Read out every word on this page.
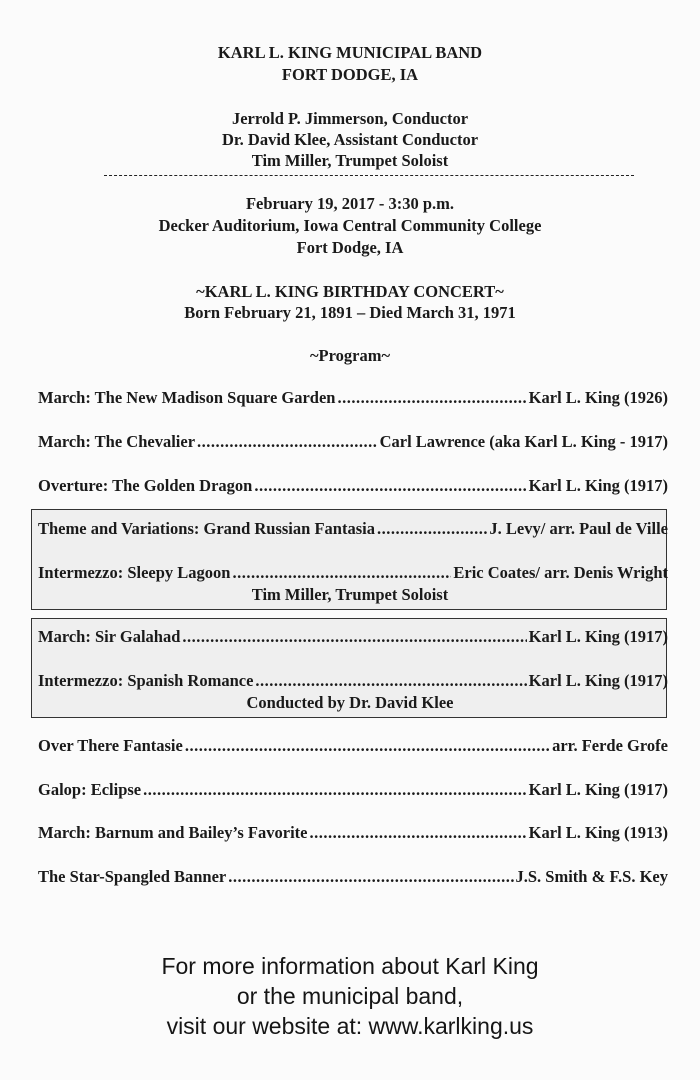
KARL L. KING MUNICIPAL BAND
FORT DODGE, IA
Jerrold P. Jimmerson, Conductor
Dr. David Klee, Assistant Conductor
Tim Miller, Trumpet Soloist
February 19, 2017 - 3:30 p.m.
Decker Auditorium, Iowa Central Community College
Fort Dodge, IA
~KARL L. KING BIRTHDAY CONCERT~
Born February 21, 1891 – Died March 31, 1971
~Program~
March: The New Madison Square Garden .....	Karl L. King (1926)
March: The Chevalier .....	Carl Lawrence (aka Karl L. King - 1917)
Overture: The Golden Dragon .....	Karl L. King (1917)
Theme and Variations: Grand Russian Fantasia .....	J. Levy/ arr. Paul de Ville
Intermezzo: Sleepy Lagoon .....	Eric Coates/ arr. Denis Wright
Tim Miller, Trumpet Soloist
March: Sir Galahad .....	Karl L. King (1917)
Intermezzo: Spanish Romance .....	Karl L. King (1917)
Conducted by Dr. David Klee
Over There Fantasie .....	arr. Ferde Grofe
Galop: Eclipse .....	Karl L. King (1917)
March: Barnum and Bailey’s Favorite .....	Karl L. King (1913)
The Star-Spangled Banner .....	J.S. Smith & F.S. Key
For more information about Karl King
or the municipal band,
visit our website at: www.karlking.us
